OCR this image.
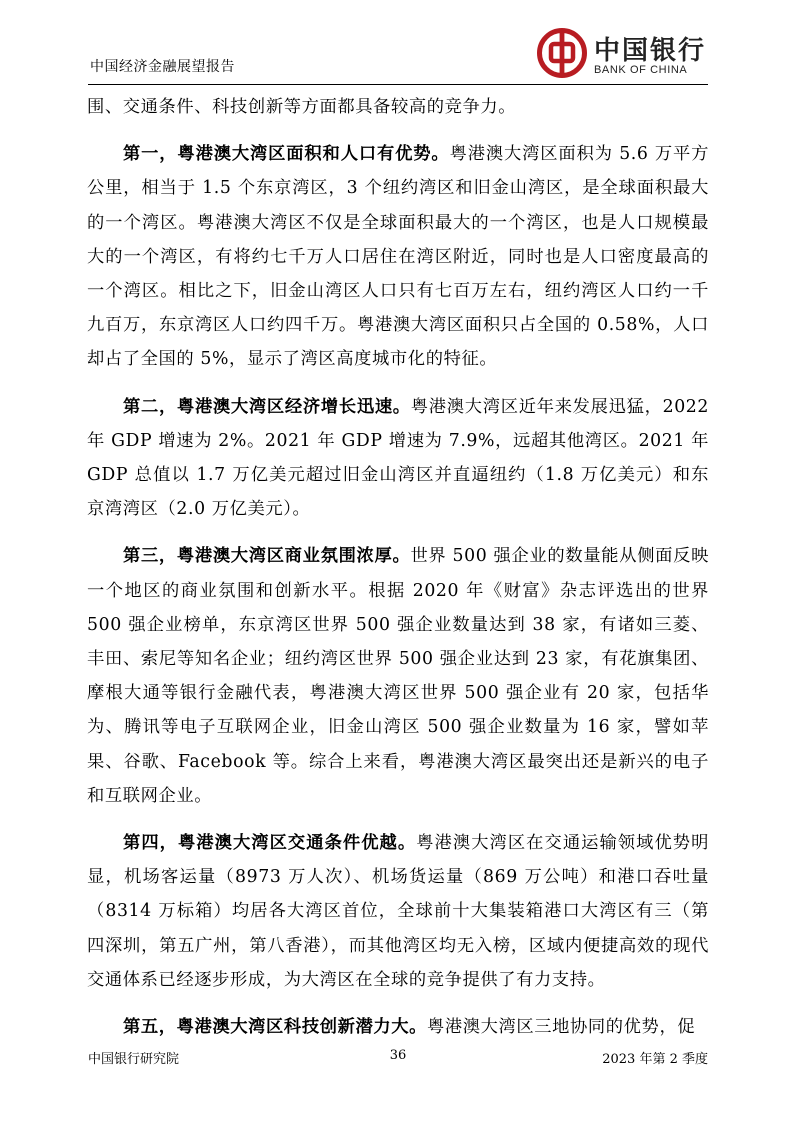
中国经济金融展望报告
中国银行
BANK OF CHINA

围、交通条件、科技创新等方面都具备较高的竞争力。

第一，粤港澳大湾区面积和人口有优势。粤港澳大湾区面积为 5.6 万平方公里，相当于 1.5 个东京湾区，3 个纽约湾区和旧金山湾区，是全球面积最大的一个湾区。粤港澳大湾区不仅是全球面积最大的一个湾区，也是人口规模最大的一个湾区，有将约七千万人口居住在湾区附近，同时也是人口密度最高的一个湾区。相比之下，旧金山湾区人口只有七百万左右，纽约湾区人口约一千九百万，东京湾区人口约四千万。粤港澳大湾区面积只占全国的 0.58%，人口却占了全国的 5%，显示了湾区高度城市化的特征。

第二，粤港澳大湾区经济增长迅速。粤港澳大湾区近年来发展迅猛，2022 年 GDP 增速为 2%。2021 年 GDP 增速为 7.9%，远超其他湾区。2021 年 GDP 总值以 1.7 万亿美元超过旧金山湾区并直逼纽约（1.8 万亿美元）和东京湾湾区（2.0 万亿美元）。

第三，粤港澳大湾区商业氛围浓厚。世界 500 强企业的数量能从侧面反映一个地区的商业氛围和创新水平。根据 2020 年《财富》杂志评选出的世界 500 强企业榜单，东京湾区世界 500 强企业数量达到 38 家，有诸如三菱、丰田、索尼等知名企业；纽约湾区世界 500 强企业达到 23 家，有花旗集团、摩根大通等银行金融代表，粤港澳大湾区世界 500 强企业有 20 家，包括华为、腾讯等电子互联网企业，旧金山湾区 500 强企业数量为 16 家，譬如苹果、谷歌、Facebook 等。综合上来看，粤港澳大湾区最突出还是新兴的电子和互联网企业。

第四，粤港澳大湾区交通条件优越。粤港澳大湾区在交通运输领域优势明显，机场客运量（8973 万人次）、机场货运量（869 万公吨）和港口吞吐量（8314 万标箱）均居各大湾区首位，全球前十大集装箱港口大湾区有三（第四深圳，第五广州，第八香港），而其他湾区均无入榜，区域内便捷高效的现代交通体系已经逐步形成，为大湾区在全球的竞争提供了有力支持。

第五，粤港澳大湾区科技创新潜力大。粤港澳大湾区三地协同的优势，促

中国银行研究院	36	2023 年第 2 季度
